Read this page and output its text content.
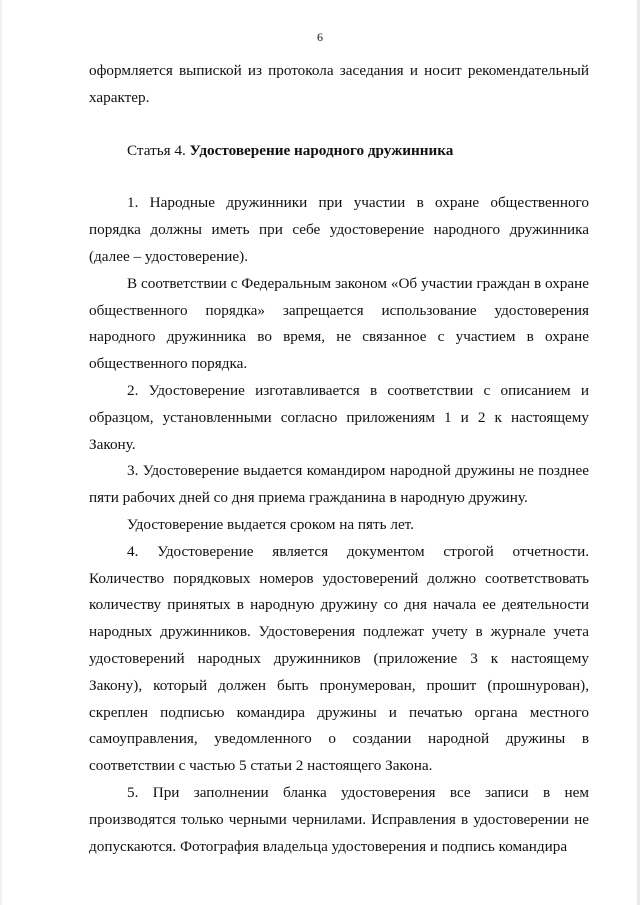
6

оформляется выпиской из протокола заседания и носит рекомендательный характер.

Статья 4. Удостоверение народного дружинника

1. Народные дружинники при участии в охране общественного порядка должны иметь при себе удостоверение народного дружинника (далее – удостоверение).

В соответствии с Федеральным законом «Об участии граждан в охране общественного порядка» запрещается использование удостоверения народного дружинника во время, не связанное с участием в охране общественного порядка.

2. Удостоверение изготавливается в соответствии с описанием и образцом, установленными согласно приложениям 1 и 2 к настоящему Закону.

3. Удостоверение выдается командиром народной дружины не позднее пяти рабочих дней со дня приема гражданина в народную дружину.

Удостоверение выдается сроком на пять лет.

4. Удостоверение является документом строгой отчетности. Количество порядковых номеров удостоверений должно соответствовать количеству принятых в народную дружину со дня начала ее деятельности народных дружинников. Удостоверения подлежат учету в журнале учета удостоверений народных дружинников (приложение 3 к настоящему Закону), который должен быть пронумерован, прошит (прошнурован), скреплен подписью командира дружины и печатью органа местного самоуправления, уведомленного о создании народной дружины в соответствии с частью 5 статьи 2 настоящего Закона.

5. При заполнении бланка удостоверения все записи в нем производятся только черными чернилами. Исправления в удостоверении не допускаются. Фотография владельца удостоверения и подпись командира
